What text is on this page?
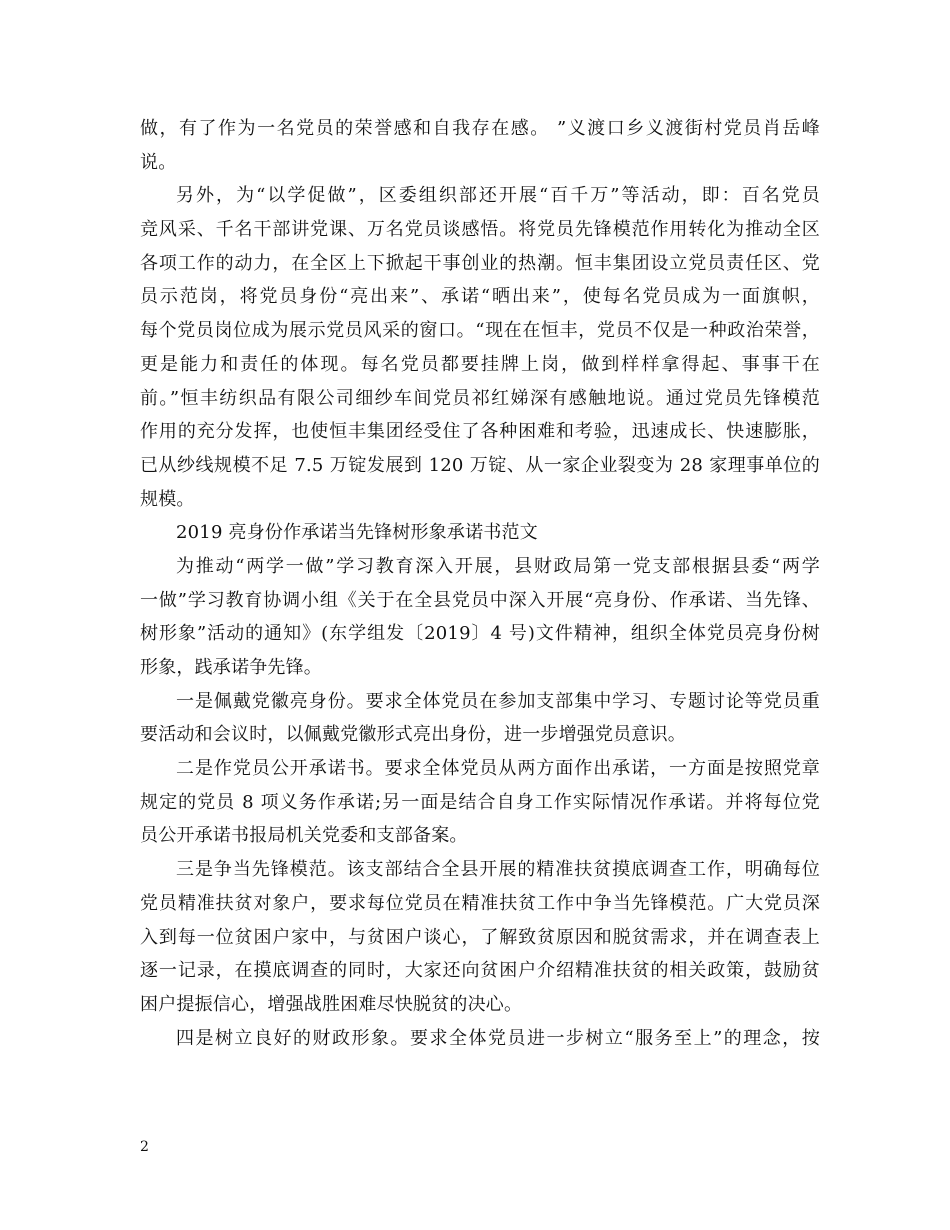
做，有了作为一名党员的荣誉感和自我存在感。 ”义渡口乡义渡街村党员肖岳峰
说。
另外，为“以学促做”，区委组织部还开展“百千万”等活动，即：百名党员
竞风采、千名干部讲党课、万名党员谈感悟。将党员先锋模范作用转化为推动全区
各项工作的动力，在全区上下掀起干事创业的热潮。恒丰集团设立党员责任区、党
员示范岗，将党员身份“亮出来”、承诺“晒出来”，使每名党员成为一面旗帜，
每个党员岗位成为展示党员风采的窗口。“现在在恒丰，党员不仅是一种政治荣誉，
更是能力和责任的体现。每名党员都要挂牌上岗，做到样样拿得起、事事干在
前。”恒丰纺织品有限公司细纱车间党员祁红娣深有感触地说。通过党员先锋模范
作用的充分发挥，也使恒丰集团经受住了各种困难和考验，迅速成长、快速膨胀，
已从纱线规模不足 7.5 万锭发展到 120 万锭、从一家企业裂变为 28 家理事单位的
规模。
2019 亮身份作承诺当先锋树形象承诺书范文
为推动“两学一做”学习教育深入开展，县财政局第一党支部根据县委“两学
一做”学习教育协调小组《关于在全县党员中深入开展“亮身份、作承诺、当先锋、
树形象”活动的通知》(东学组发〔2019〕4 号)文件精神，组织全体党员亮身份树
形象，践承诺争先锋。
一是佩戴党徽亮身份。要求全体党员在参加支部集中学习、专题讨论等党员重
要活动和会议时，以佩戴党徽形式亮出身份，进一步增强党员意识。
二是作党员公开承诺书。要求全体党员从两方面作出承诺，一方面是按照党章
规定的党员 8 项义务作承诺;另一面是结合自身工作实际情况作承诺。并将每位党
员公开承诺书报局机关党委和支部备案。
三是争当先锋模范。该支部结合全县开展的精准扶贫摸底调查工作，明确每位
党员精准扶贫对象户，要求每位党员在精准扶贫工作中争当先锋模范。广大党员深
入到每一位贫困户家中，与贫困户谈心，了解致贫原因和脱贫需求，并在调查表上
逐一记录，在摸底调查的同时，大家还向贫困户介绍精准扶贫的相关政策，鼓励贫
困户提振信心，增强战胜困难尽快脱贫的决心。
四是树立良好的财政形象。要求全体党员进一步树立“服务至上”的理念，按
2
